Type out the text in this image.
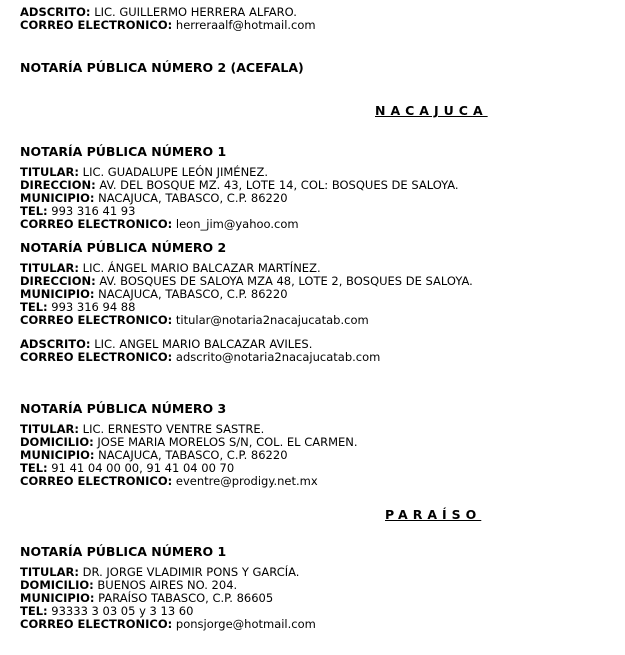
ADSCRITO: LIC. GUILLERMO HERRERA ALFARO.
CORREO ELECTRONICO: herreraalf@hotmail.com
NOTARÍA PÚBLICA NÚMERO 2 (ACEFALA)
NACAJUCA
NOTARÍA PÚBLICA NÚMERO 1
TITULAR: LIC. GUADALUPE LEÓN JIMÉNEZ.
DIRECCION: AV. DEL BOSQUE MZ. 43, LOTE 14, COL: BOSQUES DE SALOYA.
MUNICIPIO: NACAJUCA, TABASCO, C.P. 86220
TEL: 993 316 41 93
CORREO ELECTRONICO: leon_jim@yahoo.com
NOTARÍA PÚBLICA NÚMERO 2
TITULAR: LIC. ÁNGEL MARIO BALCAZAR MARTÍNEZ.
DIRECCION: AV. BOSQUES DE SALOYA MZA 48, LOTE 2, BOSQUES DE SALOYA.
MUNICIPIO: NACAJUCA, TABASCO, C.P. 86220
TEL: 993 316 94 88
CORREO ELECTRONICO: titular@notaria2nacajucatab.com
ADSCRITO: LIC. ANGEL MARIO BALCAZAR AVILES.
CORREO ELECTRONICO: adscrito@notaria2nacajucatab.com
NOTARÍA PÚBLICA NÚMERO 3
TITULAR: LIC. ERNESTO VENTRE SASTRE.
DOMICILIO: JOSE MARIA MORELOS S/N, COL. EL CARMEN.
MUNICIPIO: NACAJUCA, TABASCO, C.P. 86220
TEL: 91 41 04 00 00, 91 41 04 00 70
CORREO ELECTRONICO: eventre@prodigy.net.mx
PARAÍSO
NOTARÍA PÚBLICA NÚMERO 1
TITULAR: DR. JORGE VLADIMIR PONS Y GARCÍA.
DOMICILIO: BUENOS AIRES NO. 204.
MUNICIPIO: PARAÍSO TABASCO, C.P. 86605
TEL: 93333 3 03 05 y 3 13 60
CORREO ELECTRONICO: ponsjorge@hotmail.com
